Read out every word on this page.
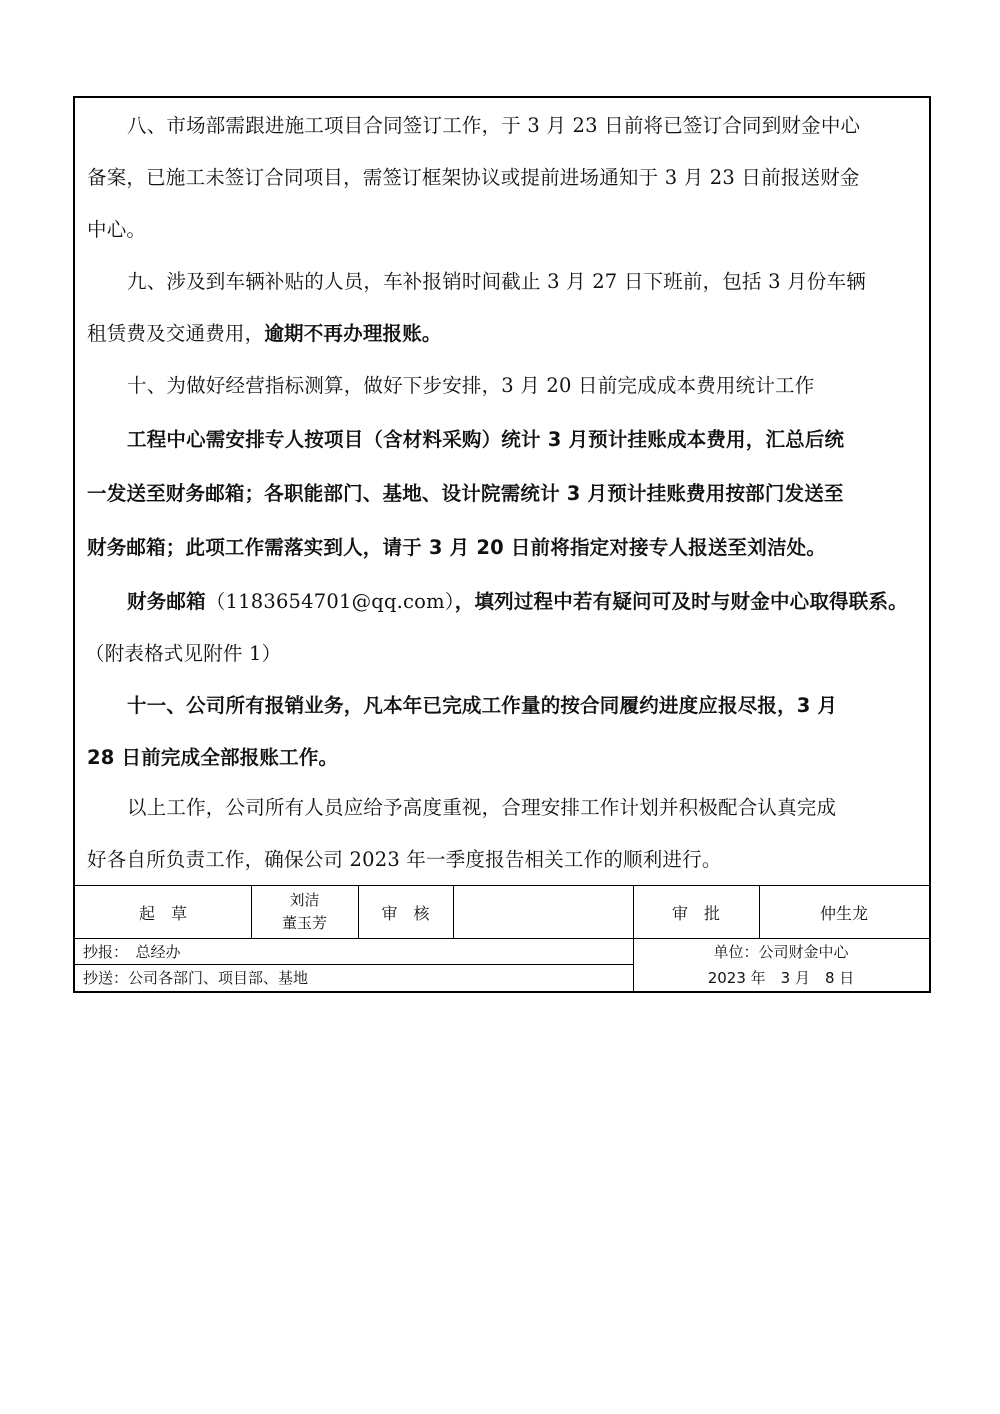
八、市场部需跟进施工项目合同签订工作，于 3 月 23 日前将已签订合同到财金中心
备案，已施工未签订合同项目，需签订框架协议或提前进场通知于 3 月 23 日前报送财金
中心。
九、涉及到车辆补贴的人员，车补报销时间截止 3 月 27 日下班前，包括 3 月份车辆
租赁费及交通费用，逾期不再办理报账。
十、为做好经营指标测算，做好下步安排，3 月 20 日前完成成本费用统计工作
工程中心需安排专人按项目（含材料采购）统计 3 月预计挂账成本费用，汇总后统
一发送至财务邮箱；各职能部门、基地、设计院需统计 3 月预计挂账费用按部门发送至
财务邮箱；此项工作需落实到人，请于 3 月 20 日前将指定对接专人报送至刘洁处。
财务邮箱（1183654701@qq.com），填列过程中若有疑问可及时与财金中心取得联系。
（附表格式见附件 1）
十一、公司所有报销业务，凡本年已完成工作量的按合同履约进度应报尽报，3 月
28 日前完成全部报账工作。
以上工作，公司所有人员应给予高度重视，合理安排工作计划并积极配合认真完成
好各自所负责工作，确保公司 2023 年一季度报告相关工作的顺利进行。
起　草
刘洁
董玉芳
审　核	审　批	仲生龙
抄报：　总经办
抄送：公司各部门、项目部、基地
单位：公司财金中心
2023 年　3 月　8 日
